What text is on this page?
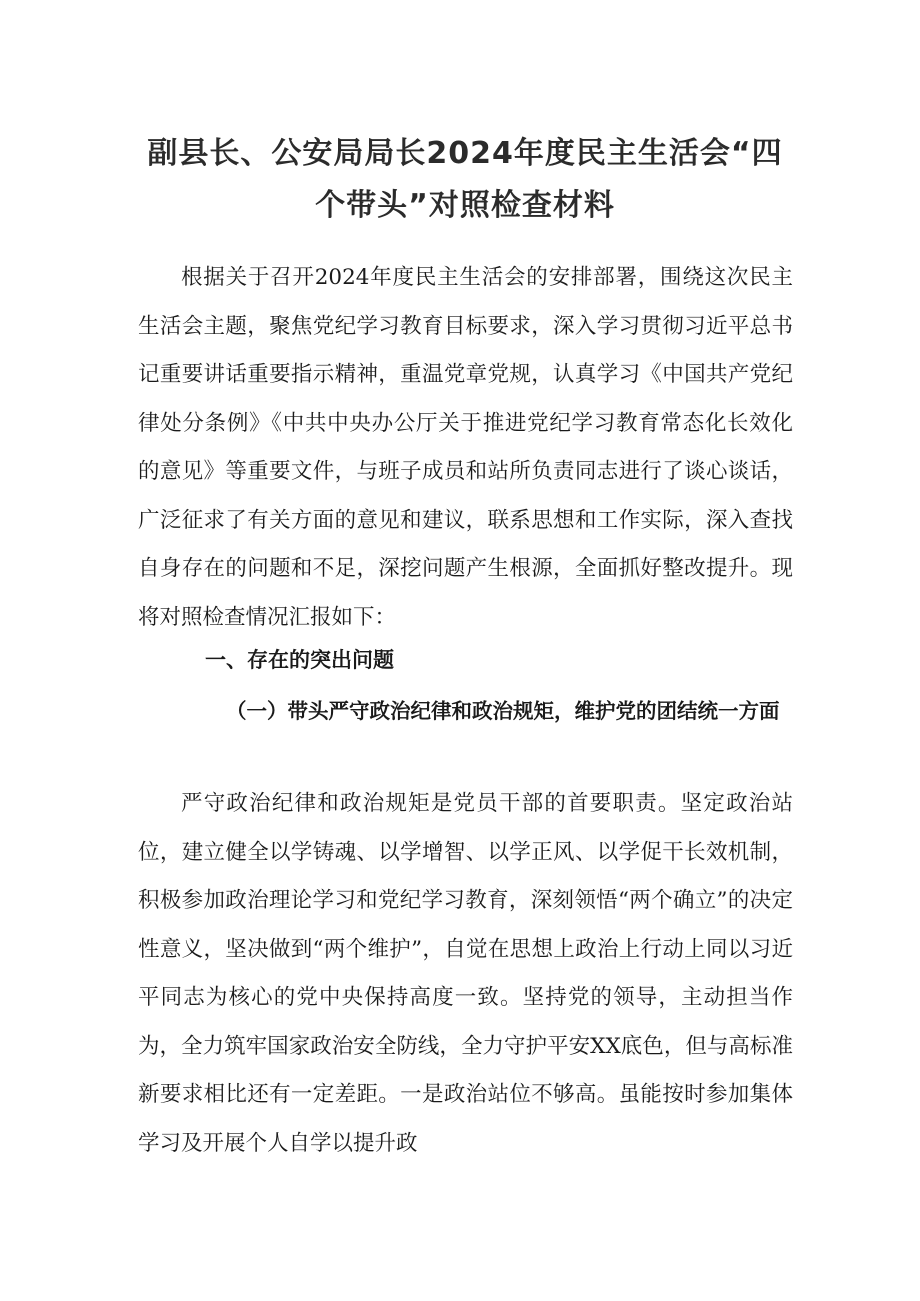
副县长、公安局局长2024年度民主生活会“四个带头”对照检查材料

根据关于召开2024年度民主生活会的安排部署，围绕这次民主生活会主题，聚焦党纪学习教育目标要求，深入学习贯彻习近平总书记重要讲话重要指示精神，重温党章党规，认真学习《中国共产党纪律处分条例》《中共中央办公厅关于推进党纪学习教育常态化长效化的意见》等重要文件，与班子成员和站所负责同志进行了谈心谈话，广泛征求了有关方面的意见和建议，联系思想和工作实际，深入查找自身存在的问题和不足，深挖问题产生根源，全面抓好整改提升。现将对照检查情况汇报如下：

一、存在的突出问题
（一）带头严守政治纪律和政治规矩，维护党的团结统一方面

严守政治纪律和政治规矩是党员干部的首要职责。坚定政治站位，建立健全以学铸魂、以学增智、以学正风、以学促干长效机制，积极参加政治理论学习和党纪学习教育，深刻领悟“两个确立”的决定性意义，坚决做到“两个维护”，自觉在思想上政治上行动上同以习近平同志为核心的党中央保持高度一致。坚持党的领导，主动担当作为，全力筑牢国家政治安全防线，全力守护平安XX底色，但与高标准新要求相比还有一定差距。一是政治站位不够高。虽能按时参加集体学习及开展个人自学以提升政
